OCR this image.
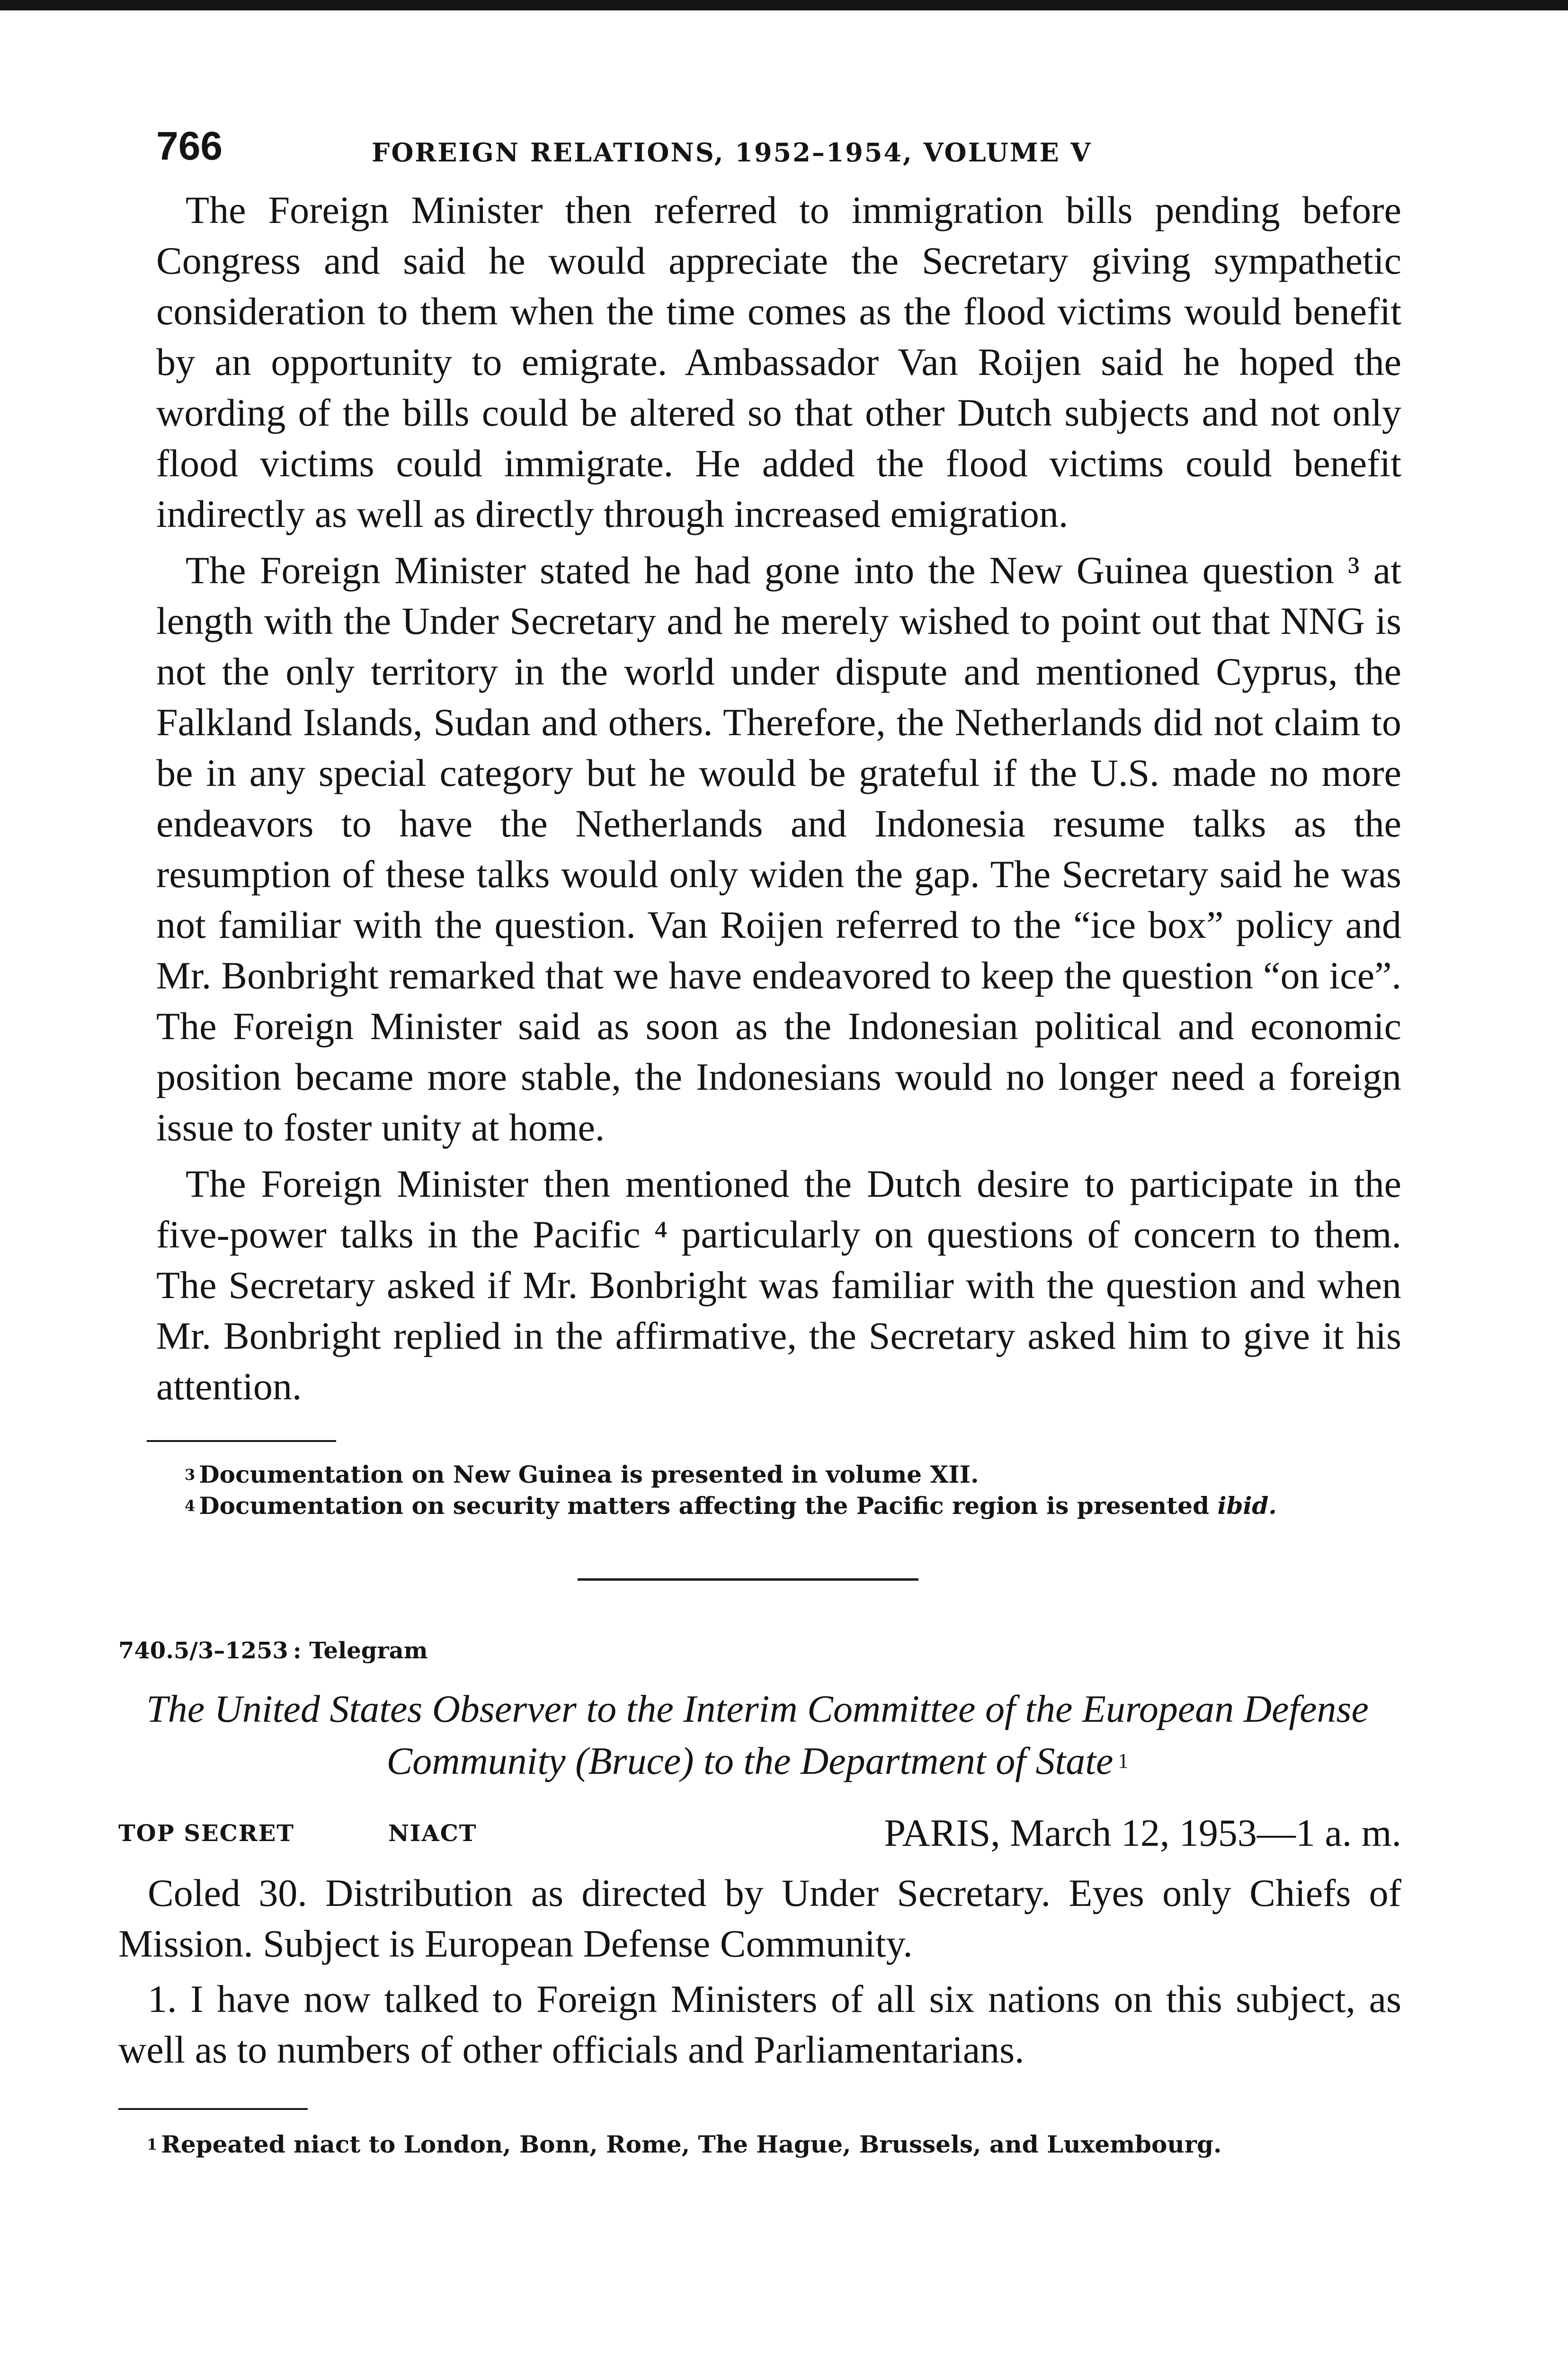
766	FOREIGN RELATIONS, 1952–1954, VOLUME V

The Foreign Minister then referred to immigration bills pending before Congress and said he would appreciate the Secretary giving sympathetic consideration to them when the time comes as the flood victims would benefit by an opportunity to emigrate. Ambassador Van Roijen said he hoped the wording of the bills could be altered so that other Dutch subjects and not only flood victims could immigrate. He added the flood victims could benefit indirectly as well as directly through increased emigration.

The Foreign Minister stated he had gone into the New Guinea question ³ at length with the Under Secretary and he merely wished to point out that NNG is not the only territory in the world under dispute and mentioned Cyprus, the Falkland Islands, Sudan and others. Therefore, the Netherlands did not claim to be in any special category but he would be grateful if the U.S. made no more endeavors to have the Netherlands and Indonesia resume talks as the resumption of these talks would only widen the gap. The Secretary said he was not familiar with the question. Van Roijen referred to the “ice box” policy and Mr. Bonbright remarked that we have endeavored to keep the question “on ice”. The Foreign Minister said as soon as the Indonesian political and economic position became more stable, the Indonesians would no longer need a foreign issue to foster unity at home.

The Foreign Minister then mentioned the Dutch desire to participate in the five-power talks in the Pacific ⁴ particularly on questions of concern to them. The Secretary asked if Mr. Bonbright was familiar with the question and when Mr. Bonbright replied in the affirmative, the Secretary asked him to give it his attention.

$^3$ Documentation on New Guinea is presented in volume XII.

$^4$ Documentation on security matters affecting the Pacific region is presented ibid.

740.5/3–1253 : Telegram

The United States Observer to the Interim Committee of the European Defense Community (Bruce) to the Department of State $^1$

TOP SECRET	NIACT	PARIS, March 12, 1953—1 a. m.

Coled 30. Distribution as directed by Under Secretary. Eyes only Chiefs of Mission. Subject is European Defense Community.

1. I have now talked to Foreign Ministers of all six nations on this subject, as well as to numbers of other officials and Parliamentarians.

$^1$ Repeated niact to London, Bonn, Rome, The Hague, Brussels, and Luxembourg.
